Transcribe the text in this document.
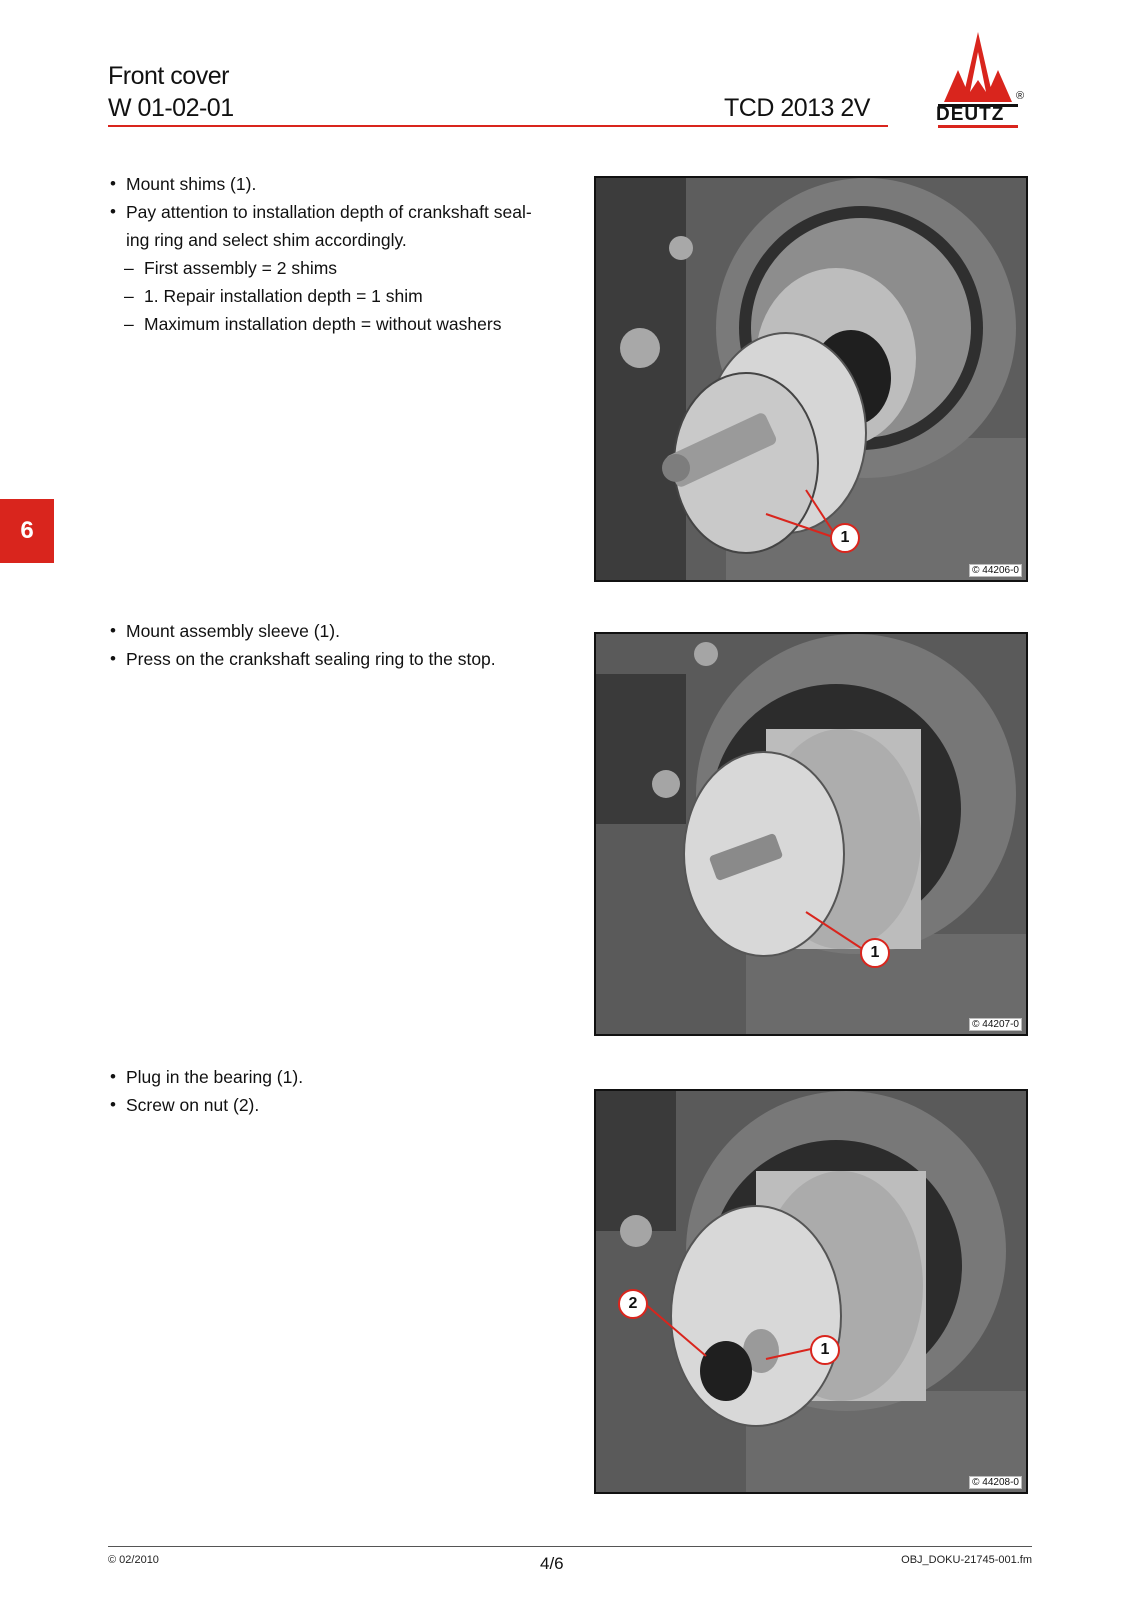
Front cover
W 01-02-01	TCD 2013 2V	DEUTZ
®
6
• Mount shims (1).
• Pay attention to installation depth of crankshaft seal-
ing ring and select shim accordingly.
– First assembly = 2 shims
– 1. Repair installation depth = 1 shim
– Maximum installation depth = without washers
1
© 44206-0
• Mount assembly sleeve (1).
• Press on the crankshaft sealing ring to the stop.
1
© 44207-0
• Plug in the bearing (1).
• Screw on nut (2).
2
1
© 44208-0
© 02/2010	4/6	OBJ_DOKU-21745-001.fm
